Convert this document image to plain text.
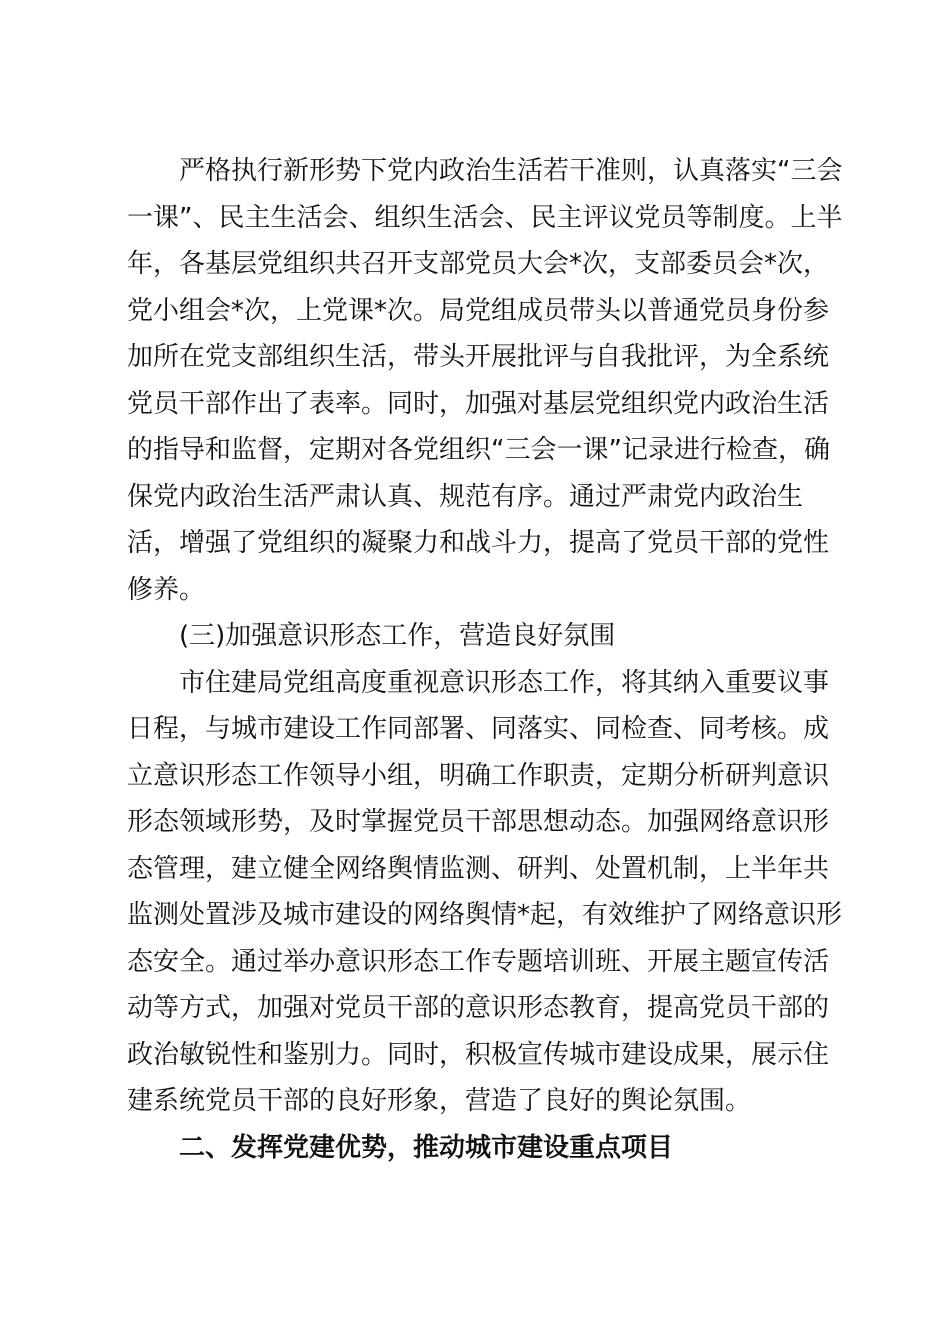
严格执行新形势下党内政治生活若干准则，认真落实“三会
一课”、民主生活会、组织生活会、民主评议党员等制度。上半
年，各基层党组织共召开支部党员大会*次，支部委员会*次，
党小组会*次，上党课*次。局党组成员带头以普通党员身份参
加所在党支部组织生活，带头开展批评与自我批评，为全系统
党员干部作出了表率。同时，加强对基层党组织党内政治生活
的指导和监督，定期对各党组织“三会一课”记录进行检查，确
保党内政治生活严肃认真、规范有序。通过严肃党内政治生
活，增强了党组织的凝聚力和战斗力，提高了党员干部的党性
修养。

(三)加强意识形态工作，营造良好氛围

市住建局党组高度重视意识形态工作，将其纳入重要议事
日程，与城市建设工作同部署、同落实、同检查、同考核。成
立意识形态工作领导小组，明确工作职责，定期分析研判意识
形态领域形势，及时掌握党员干部思想动态。加强网络意识形
态管理，建立健全网络舆情监测、研判、处置机制，上半年共
监测处置涉及城市建设的网络舆情*起，有效维护了网络意识形
态安全。通过举办意识形态工作专题培训班、开展主题宣传活
动等方式，加强对党员干部的意识形态教育，提高党员干部的
政治敏锐性和鉴别力。同时，积极宣传城市建设成果，展示住
建系统党员干部的良好形象，营造了良好的舆论氛围。

二、发挥党建优势，推动城市建设重点项目
